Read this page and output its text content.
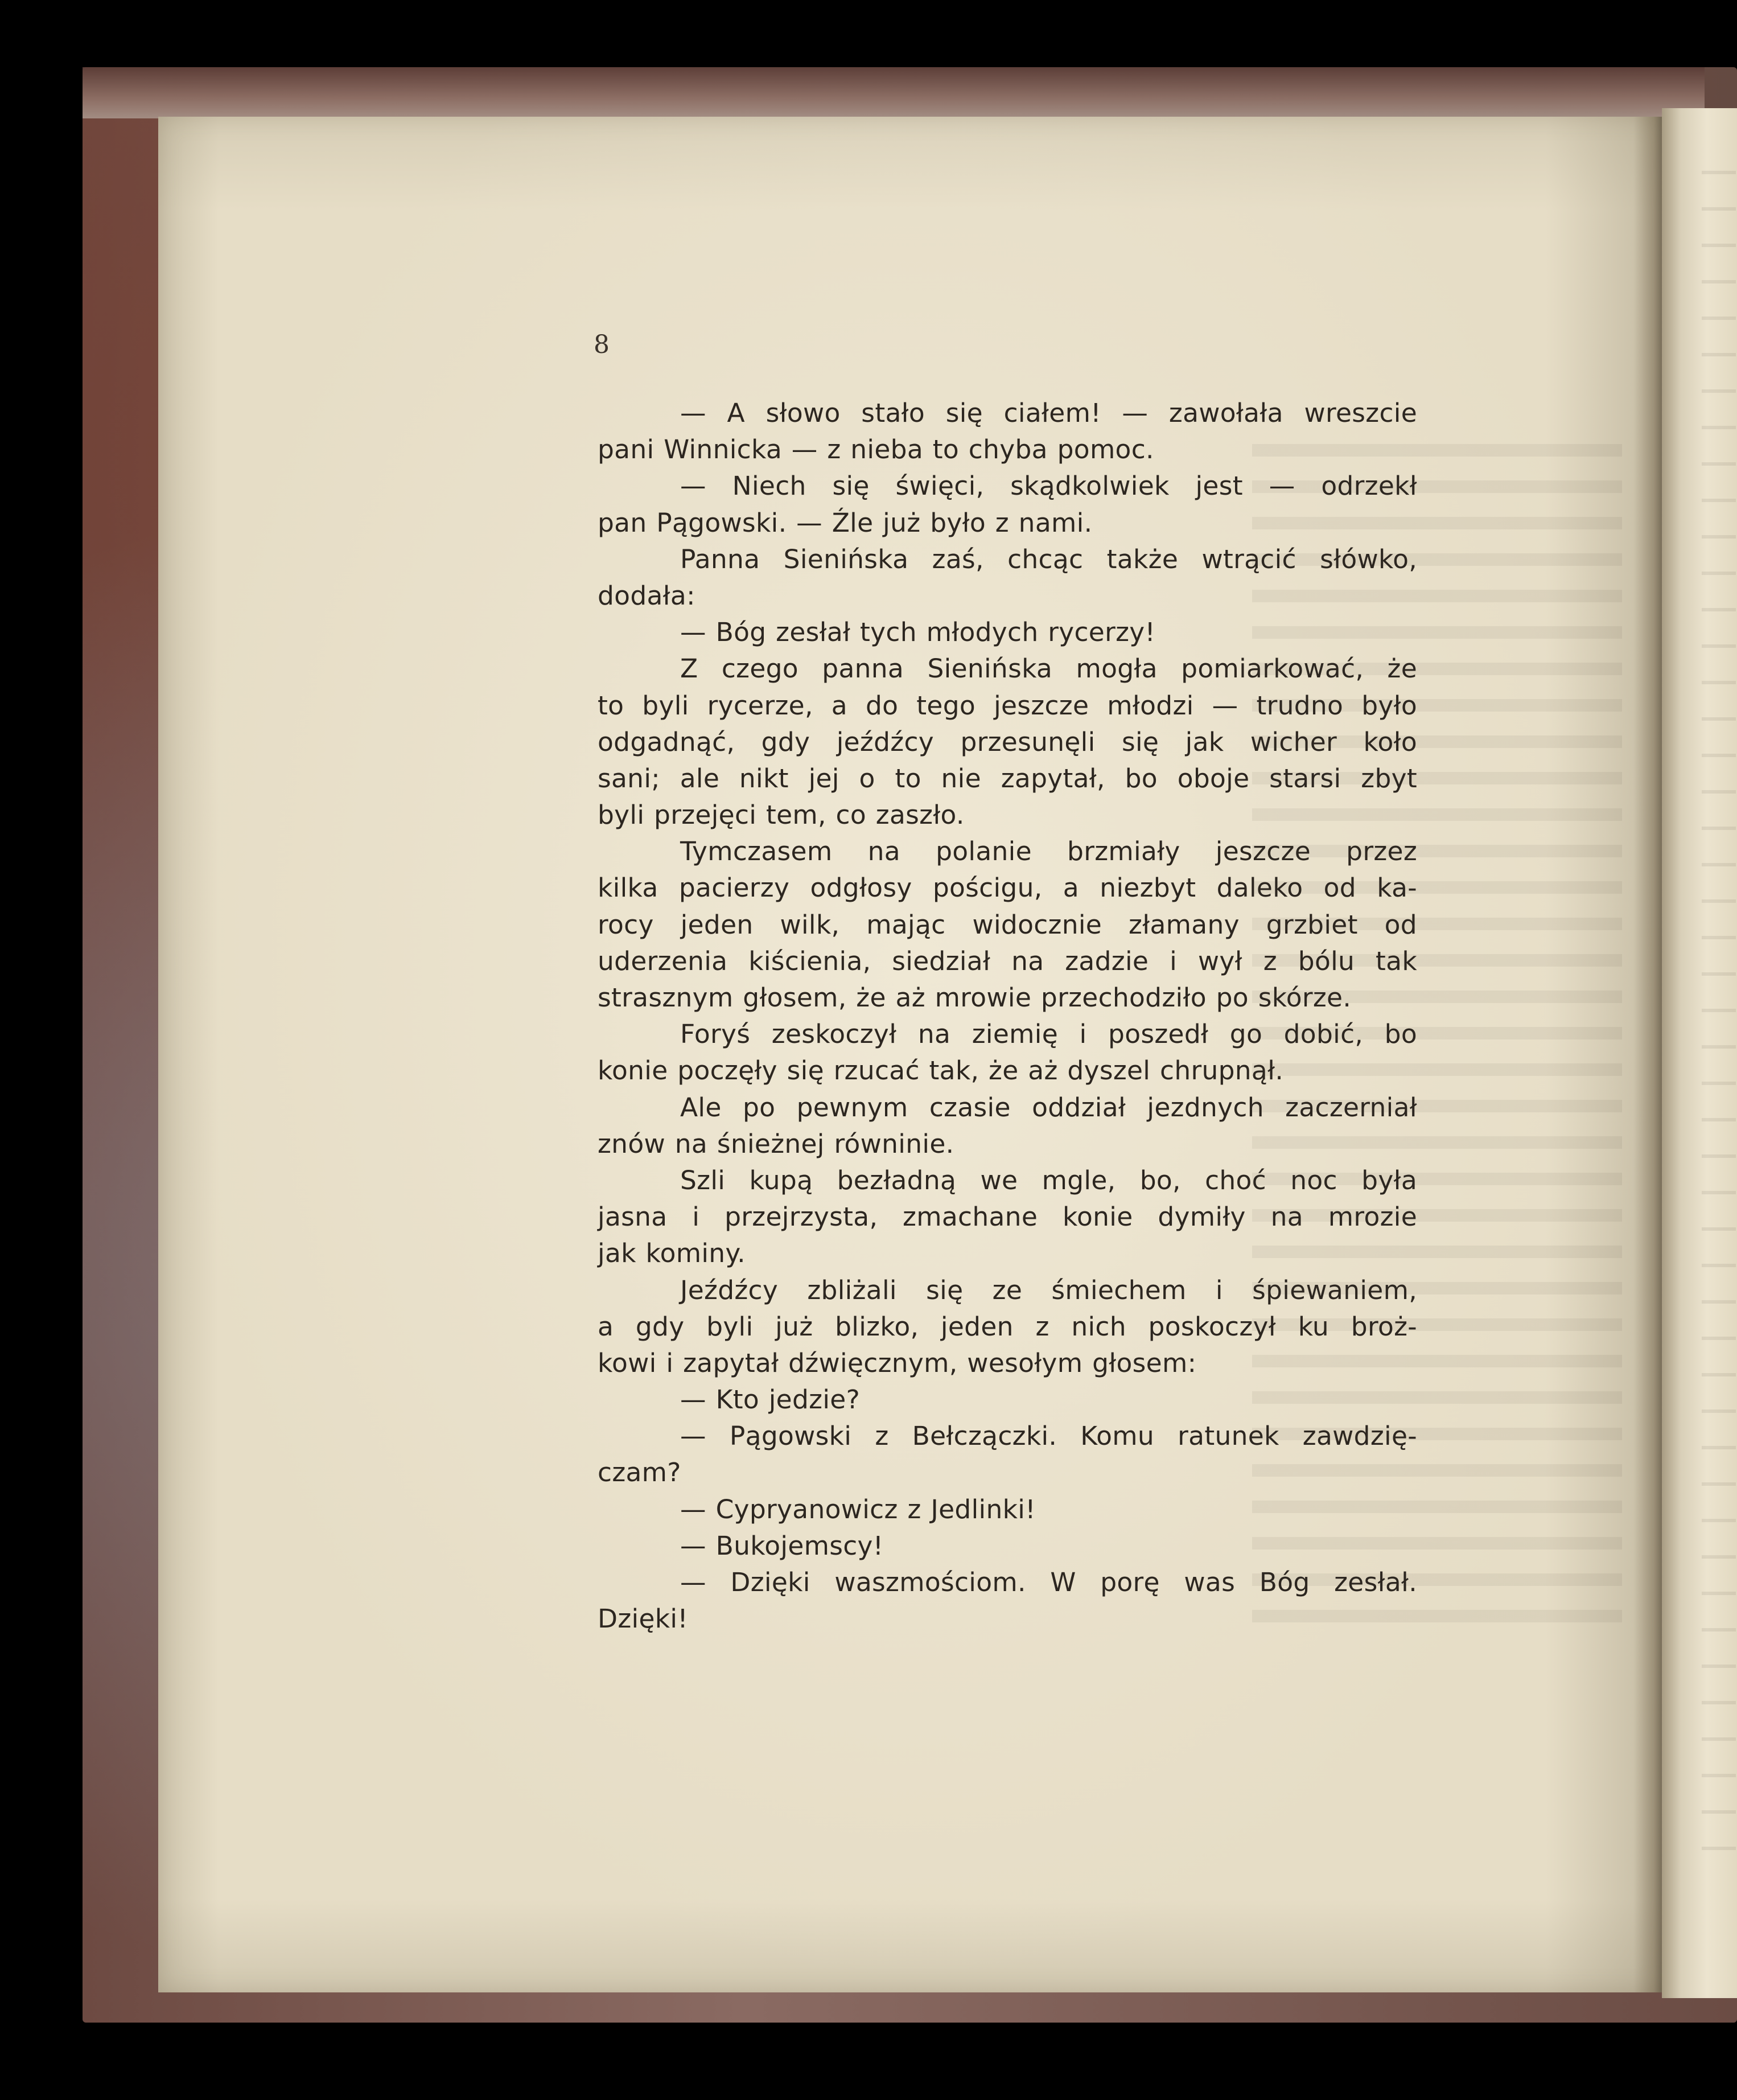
8
— A słowo stało się ciałem! — zawołała wreszcie
pani Winnicka — z nieba to chyba pomoc.
— Niech się święci, skądkolwiek jest — odrzekł
pan Pągowski. — Źle już było z nami.
Panna Sienińska zaś, chcąc także wtrącić słówko,
dodała:
— Bóg zesłał tych młodych rycerzy!
Z czego panna Sienińska mogła pomiarkować, że
to byli rycerze, a do tego jeszcze młodzi — trudno było
odgadnąć, gdy jeźdźcy przesunęli się jak wicher koło
sani; ale nikt jej o to nie zapytał, bo oboje starsi zbyt
byli przejęci tem, co zaszło.
Tymczasem na polanie brzmiały jeszcze przez
kilka pacierzy odgłosy pościgu, a niezbyt daleko od ka-
rocy jeden wilk, mając widocznie złamany grzbiet od
uderzenia kiścienia, siedział na zadzie i wył z bólu tak
strasznym głosem, że aż mrowie przechodziło po skórze.
Foryś zeskoczył na ziemię i poszedł go dobić, bo
konie poczęły się rzucać tak, że aż dyszel chrupnął.
Ale po pewnym czasie oddział jezdnych zaczerniał
znów na śnieżnej równinie.
Szli kupą bezładną we mgle, bo, choć noc była
jasna i przejrzysta, zmachane konie dymiły na mrozie
jak kominy.
Jeźdźcy zbliżali się ze śmiechem i śpiewaniem,
a gdy byli już blizko, jeden z nich poskoczył ku broż-
kowi i zapytał dźwięcznym, wesołym głosem:
— Kto jedzie?
— Pągowski z Bełczączki. Komu ratunek zawdzię-
czam?
— Cypryanowicz z Jedlinki!
— Bukojemscy!
— Dzięki waszmościom. W porę was Bóg zesłał.
Dzięki!
